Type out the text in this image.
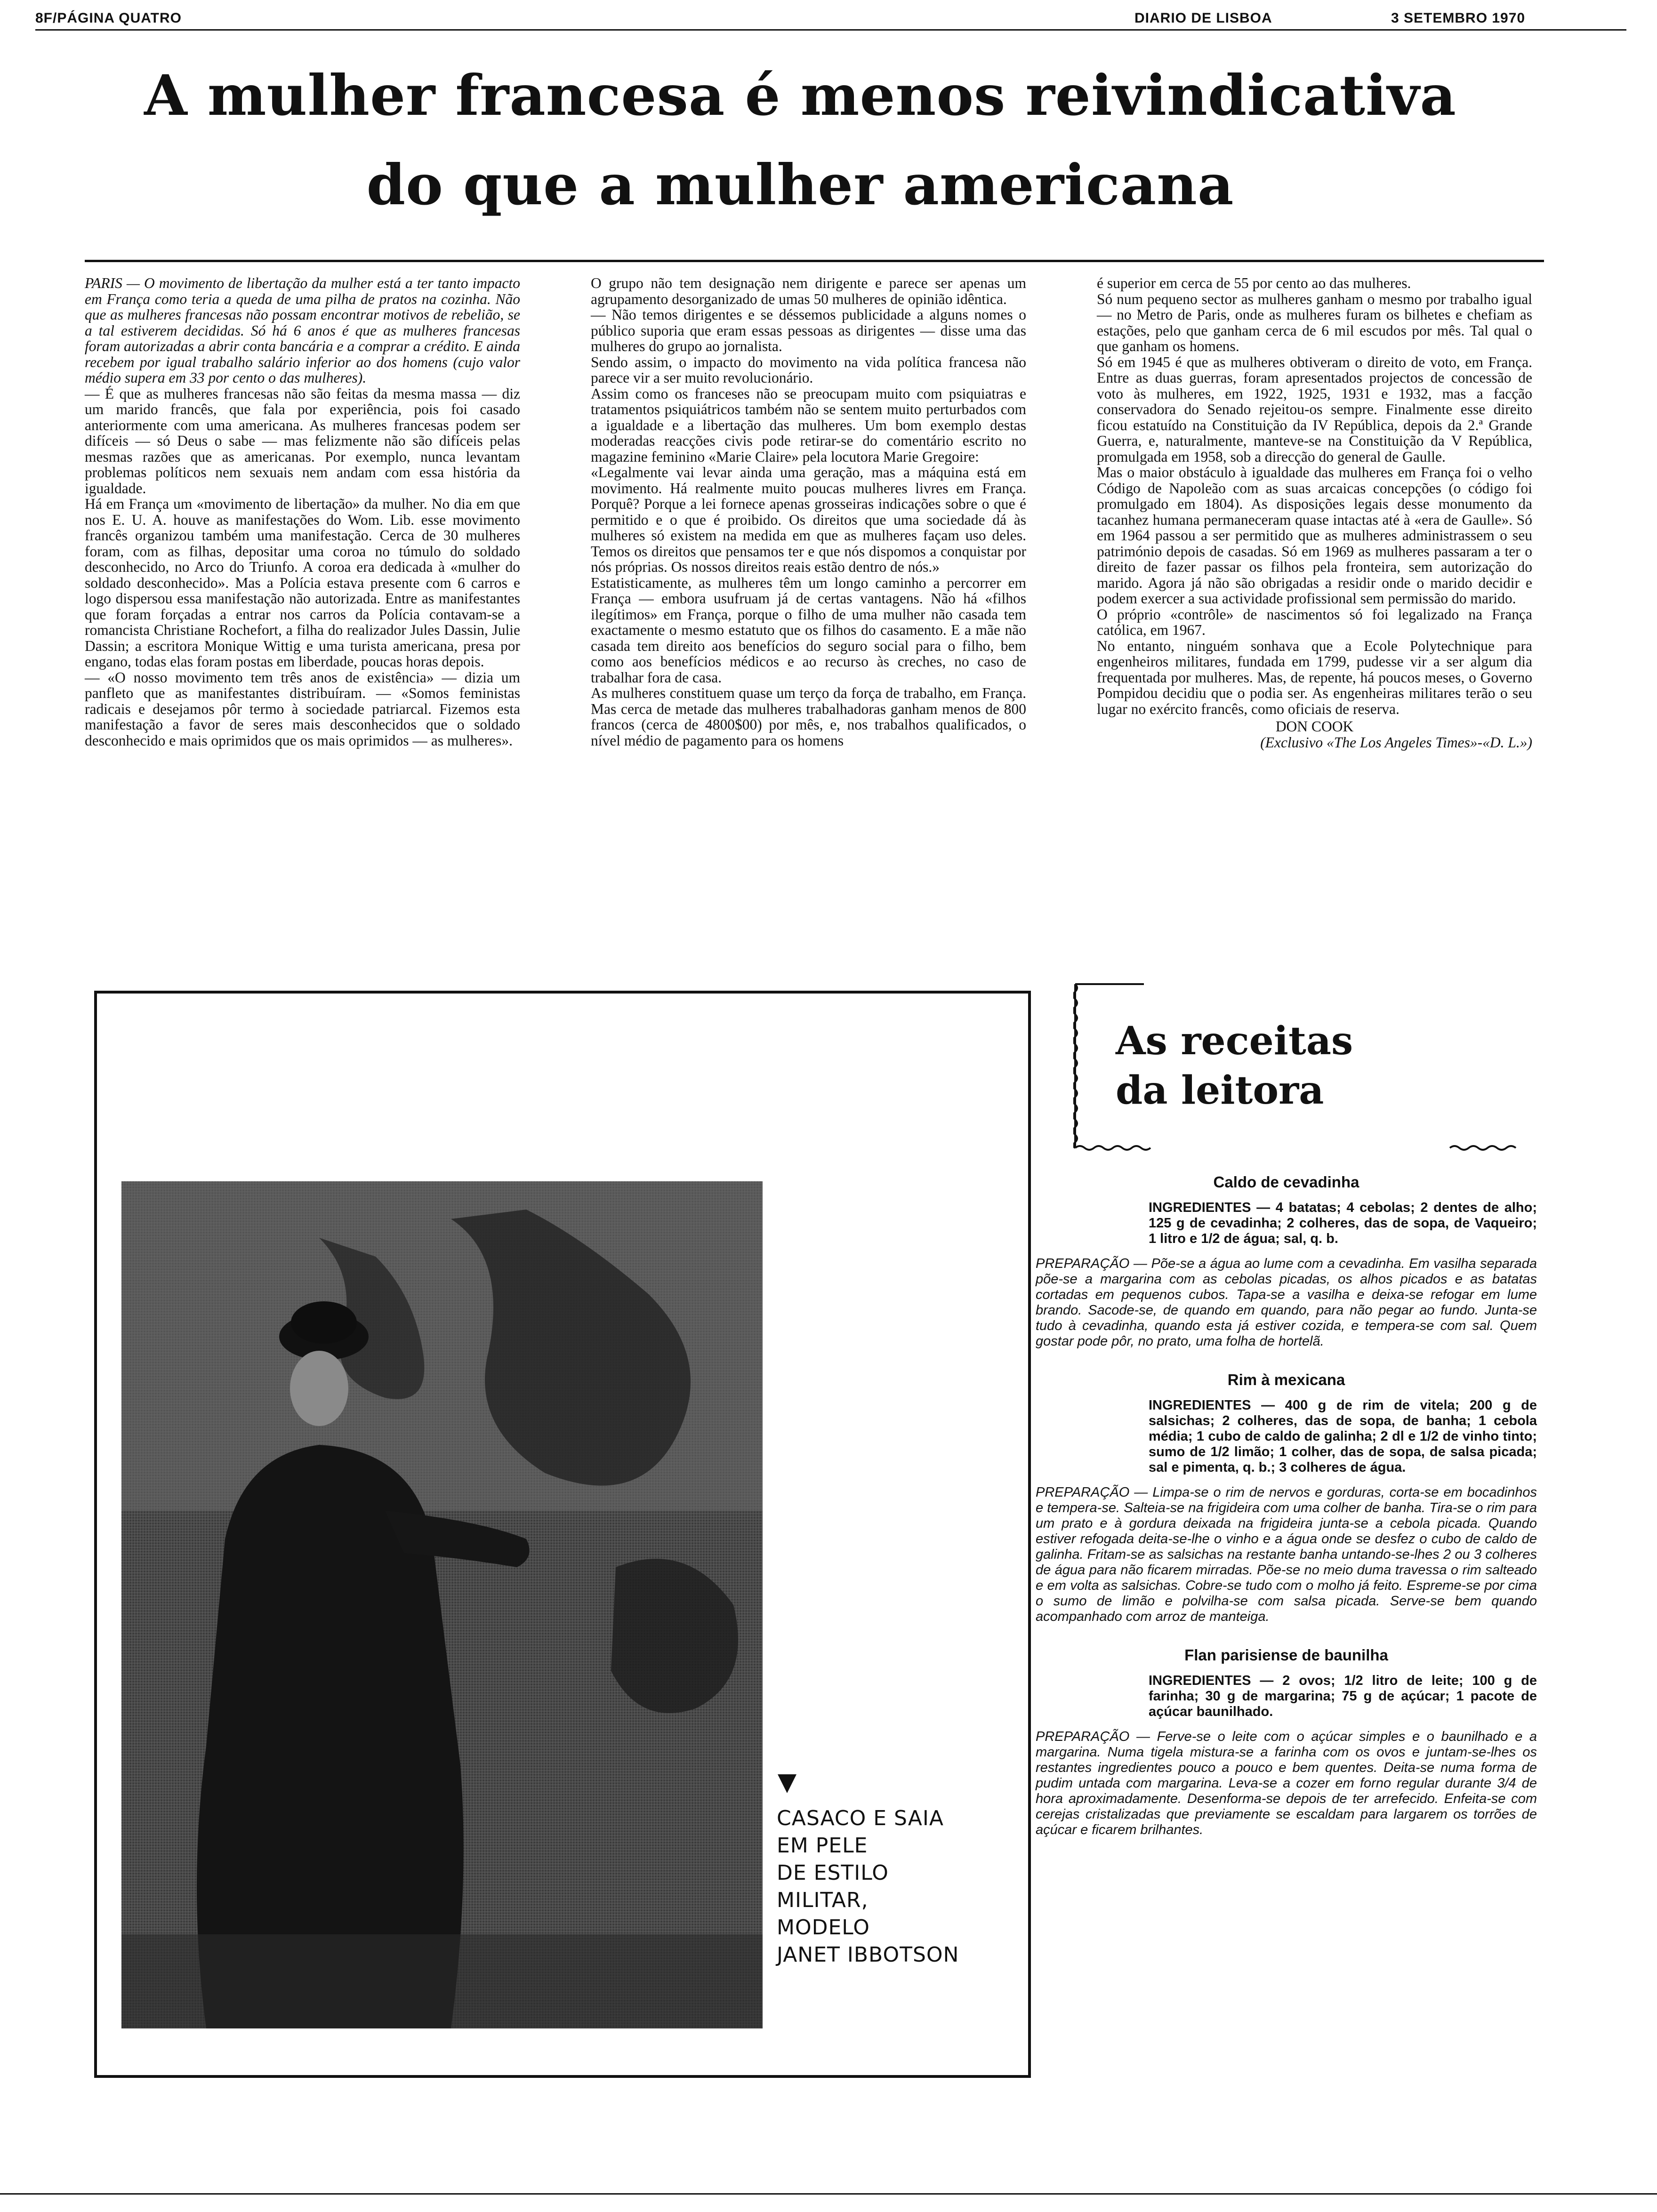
8F/PÁGINA QUATRO	DIARIO DE LISBOA	3 SETEMBRO 1970
A mulher francesa é menos reivindicativa
do que a mulher americana

PARIS — O movimento de libertação da mulher está a ter tanto impacto em França como teria a queda de uma pilha de pratos na cozinha. Não que as mulheres francesas não possam encontrar motivos de rebelião, se a tal estiverem decididas. Só há 6 anos é que as mulheres francesas foram autorizadas a abrir conta bancária e a comprar a crédito. E ainda recebem por igual trabalho salário inferior ao dos homens (cujo valor médio supera em 33 por cento o das mulheres).

— É que as mulheres francesas não são feitas da mesma massa — diz um marido francês, que fala por experiência, pois foi casado anteriormente com uma americana. As mulheres francesas podem ser difíceis — só Deus o sabe — mas felizmente não são difíceis pelas mesmas razões que as americanas. Por exemplo, nunca levantam problemas políticos nem sexuais nem andam com essa história da igualdade.

Há em França um «movimento de libertação» da mulher. No dia em que nos E. U. A. houve as manifestações do Wom. Lib. esse movimento francês organizou também uma manifestação. Cerca de 30 mulheres foram, com as filhas, depositar uma coroa no túmulo do soldado desconhecido, no Arco do Triunfo. A coroa era dedicada à «mulher do soldado desconhecido». Mas a Polícia estava presente com 6 carros e logo dispersou essa manifestação não autorizada. Entre as manifestantes que foram forçadas a entrar nos carros da Polícia contavam-se a romancista Christiane Rochefort, a filha do realizador Jules Dassin, Julie Dassin; a escritora Monique Wittig e uma turista americana, presa por engano, todas elas foram postas em liberdade, poucas horas depois.

— «O nosso movimento tem três anos de existência» — dizia um panfleto que as manifestantes distribuíram. — «Somos feministas radicais e desejamos pôr termo à sociedade patriarcal. Fizemos esta manifestação a favor de seres mais desconhecidos que o soldado desconhecido e mais oprimidos que os mais oprimidos — as mulheres».

O grupo não tem designação nem dirigente e parece ser apenas um agrupamento desorganizado de umas 50 mulheres de opinião idêntica.

— Não temos dirigentes e se déssemos publicidade a alguns nomes o público suporia que eram essas pessoas as dirigentes — disse uma das mulheres do grupo ao jornalista.

Sendo assim, o impacto do movimento na vida política francesa não parece vir a ser muito revolucionário.

Assim como os franceses não se preocupam muito com psiquiatras e tratamentos psiquiátricos também não se sentem muito perturbados com a igualdade e a libertação das mulheres. Um bom exemplo destas moderadas reacções civis pode retirar-se do comentário escrito no magazine feminino «Marie Claire» pela locutora Marie Gregoire:

«Legalmente vai levar ainda uma geração, mas a máquina está em movimento. Há realmente muito poucas mulheres livres em França. Porquê? Porque a lei fornece apenas grosseiras indicações sobre o que é permitido e o que é proibido. Os direitos que uma sociedade dá às mulheres só existem na medida em que as mulheres façam uso deles. Temos os direitos que pensamos ter e que nós dispomos a conquistar por nós próprias. Os nossos direitos reais estão dentro de nós.»

Estatisticamente, as mulheres têm um longo caminho a percorrer em França — embora usufruam já de certas vantagens. Não há «filhos ilegítimos» em França, porque o filho de uma mulher não casada tem exactamente o mesmo estatuto que os filhos do casamento. E a mãe não casada tem direito aos benefícios do seguro social para o filho, bem como aos benefícios médicos e ao recurso às creches, no caso de trabalhar fora de casa.

As mulheres constituem quase um terço da força de trabalho, em França. Mas cerca de metade das mulheres trabalhadoras ganham menos de 800 francos (cerca de 4800$00) por mês, e, nos trabalhos qualificados, o nível médio de pagamento para os homens

é superior em cerca de 55 por cento ao das mulheres.

Só num pequeno sector as mulheres ganham o mesmo por trabalho igual — no Metro de Paris, onde as mulheres furam os bilhetes e chefiam as estações, pelo que ganham cerca de 6 mil escudos por mês. Tal qual o que ganham os homens.

Só em 1945 é que as mulheres obtiveram o direito de voto, em França. Entre as duas guerras, foram apresentados projectos de concessão de voto às mulheres, em 1922, 1925, 1931 e 1932, mas a facção conservadora do Senado rejeitou-os sempre. Finalmente esse direito ficou estatuído na Constituição da IV República, depois da 2.ª Grande Guerra, e, naturalmente, manteve-se na Constituição da V República, promulgada em 1958, sob a direcção do general de Gaulle.

Mas o maior obstáculo à igualdade das mulheres em França foi o velho Código de Napoleão com as suas arcaicas concepções (o código foi promulgado em 1804). As disposições legais desse monumento da tacanhez humana permaneceram quase intactas até à «era de Gaulle». Só em 1964 passou a ser permitido que as mulheres administrassem o seu património depois de casadas. Só em 1969 as mulheres passaram a ter o direito de fazer passar os filhos pela fronteira, sem autorização do marido. Agora já não são obrigadas a residir onde o marido decidir e podem exercer a sua actividade profissional sem permissão do marido.

O próprio «contrôle» de nascimentos só foi legalizado na França católica, em 1967.

No entanto, ninguém sonhava que a Ecole Polytechnique para engenheiros militares, fundada em 1799, pudesse vir a ser algum dia frequentada por mulheres. Mas, de repente, há poucos meses, o Governo Pompidou decidiu que o podia ser. As engenheiras militares terão o seu lugar no exército francês, como oficiais de reserva.

DON COOK

(Exclusivo «The Los Angeles Times»-«D. L.»)

CASACO E SAIA
EM PELE
DE ESTILO
MILITAR,
MODELO
JANET IBBOTSON
As receitas
da leitora

Caldo de cevadinha

INGREDIENTES — 4 batatas; 4 cebolas; 2 dentes de alho; 125 g de cevadinha; 2 colheres, das de sopa, de Vaqueiro; 1 litro e 1/2 de água; sal, q. b.

PREPARAÇÃO — Põe-se a água ao lume com a cevadinha. Em vasilha separada põe-se a margarina com as cebolas picadas, os alhos picados e as batatas cortadas em pequenos cubos. Tapa-se a vasilha e deixa-se refogar em lume brando. Sacode-se, de quando em quando, para não pegar ao fundo. Junta-se tudo à cevadinha, quando esta já estiver cozida, e tempera-se com sal. Quem gostar pode pôr, no prato, uma folha de hortelã.

Rim à mexicana

INGREDIENTES — 400 g de rim de vitela; 200 g de salsichas; 2 colheres, das de sopa, de banha; 1 cebola média; 1 cubo de caldo de galinha; 2 dl e 1/2 de vinho tinto; sumo de 1/2 limão; 1 colher, das de sopa, de salsa picada; sal e pimenta, q. b.; 3 colheres de água.

PREPARAÇÃO — Limpa-se o rim de nervos e gorduras, corta-se em bocadinhos e tempera-se. Salteia-se na frigideira com uma colher de banha. Tira-se o rim para um prato e à gordura deixada na frigideira junta-se a cebola picada. Quando estiver refogada deita-se-lhe o vinho e a água onde se desfez o cubo de caldo de galinha. Fritam-se as salsichas na restante banha untando-se-lhes 2 ou 3 colheres de água para não ficarem mirradas. Põe-se no meio duma travessa o rim salteado e em volta as salsichas. Cobre-se tudo com o molho já feito. Espreme-se por cima o sumo de limão e polvilha-se com salsa picada. Serve-se bem quando acompanhado com arroz de manteiga.

Flan parisiense de baunilha

INGREDIENTES — 2 ovos; 1/2 litro de leite; 100 g de farinha; 30 g de margarina; 75 g de açúcar; 1 pacote de açúcar baunilhado.

PREPARAÇÃO — Ferve-se o leite com o açúcar simples e o baunilhado e a margarina. Numa tigela mistura-se a farinha com os ovos e juntam-se-lhes os restantes ingredientes pouco a pouco e bem quentes. Deita-se numa forma de pudim untada com margarina. Leva-se a cozer em forno regular durante 3/4 de hora aproximadamente. Desenforma-se depois de ter arrefecido. Enfeita-se com cerejas cristalizadas que previamente se escaldam para largarem os torrões de açúcar e ficarem brilhantes.
